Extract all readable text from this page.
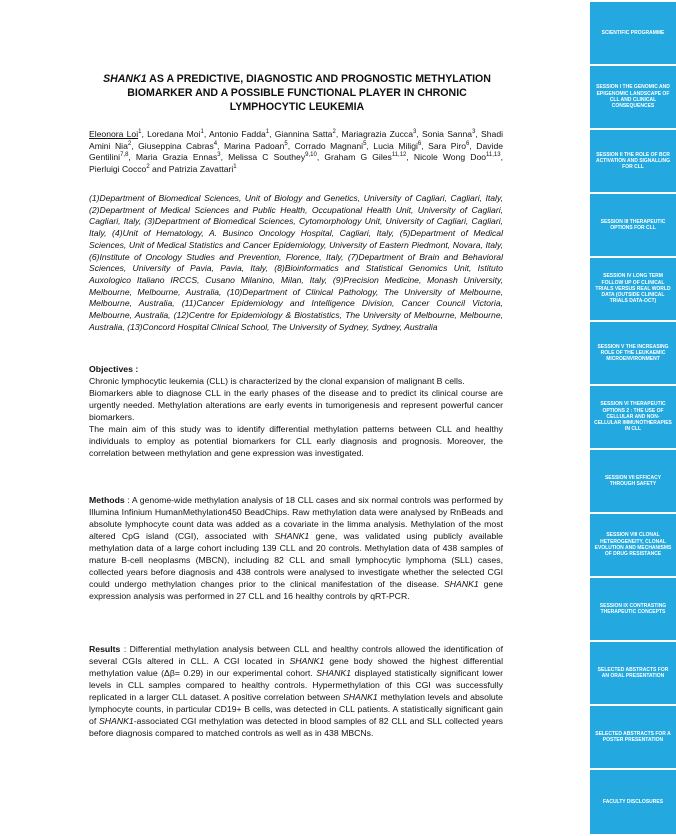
SHANK1 AS A PREDICTIVE, DIAGNOSTIC AND PROGNOSTIC METHYLATION BIOMARKER AND A POSSIBLE FUNCTIONAL PLAYER IN CHRONIC LYMPHOCYTIC LEUKEMIA
Eleonora Loi$^1$, Loredana Moi$^1$, Antonio Fadda$^1$, Giannina Satta$^2$, Mariagrazia Zucca$^3$, Sonia Sanna$^3$, Shadi Amini Nia$^2$, Giuseppina Cabras$^4$, Marina Padoan$^5$, Corrado Magnani$^5$, Lucia Miligi$^6$, Sara Piro$^6$, Davide Gentilini$^{7,8}$, Maria Grazia Ennas$^3$, Melissa C Southey$^{9,10}$, Graham G Giles$^{11,12}$, Nicole Wong Doo$^{11,13}$, Pierluigi Cocco$^2$ and Patrizia Zavattari$^1$
(1)Department of Biomedical Sciences, Unit of Biology and Genetics, University of Cagliari, Cagliari, Italy, (2)Department of Medical Sciences and Public Health, Occupational Health Unit, University of Cagliari, Cagliari, Italy, (3)Department of Biomedical Sciences, Cytomorphology Unit, University of Cagliari, Cagliari, Italy, (4)Unit of Hematology, A. Businco Oncology Hospital, Cagliari, Italy, (5)Department of Medical Sciences, Unit of Medical Statistics and Cancer Epidemiology, University of Eastern Piedmont, Novara, Italy, (6)Institute of Oncology Studies and Prevention, Florence, Italy, (7)Department of Brain and Behavioral Sciences, University of Pavia, Pavia, Italy, (8)Bioinformatics and Statistical Genomics Unit, Istituto Auxologico Italiano IRCCS, Cusano Milanino, Milan, Italy, (9)Precision Medicine, Monash University, Melbourne, Melbourne, Australia, (10)Department of Clinical Pathology, The University of Melbourne, Melbourne, Australia, (11)Cancer Epidemiology and Intelligence Division, Cancer Council Victoria, Melbourne, Australia, (12)Centre for Epidemiology & Biostatistics, The University of Melbourne, Melbourne, Australia, (13)Concord Hospital Clinical School, The University of Sydney, Sydney, Australia
Objectives :
Chronic lymphocytic leukemia (CLL) is characterized by the clonal expansion of malignant B cells.
Biomarkers able to diagnose CLL in the early phases of the disease and to predict its clinical course are urgently needed. Methylation alterations are early events in tumorigenesis and represent powerful cancer biomarkers.
The main aim of this study was to identify differential methylation patterns between CLL and healthy individuals to employ as potential biomarkers for CLL early diagnosis and prognosis. Moreover, the correlation between methylation and gene expression was investigated.
Methods : A genome-wide methylation analysis of 18 CLL cases and six normal controls was performed by Illumina Infinium HumanMethylation450 BeadChips. Raw methylation data were analysed by RnBeads and absolute lymphocyte count data was added as a covariate in the limma analysis. Methylation of the most altered CpG island (CGI), associated with SHANK1 gene, was validated using publicly available methylation data of a large cohort including 139 CLL and 20 controls. Methylation data of 438 samples of mature B-cell neoplasms (MBCN), including 82 CLL and small lymphocytic lymphoma (SLL) cases, collected years before diagnosis and 438 controls were analysed to investigate whether the selected CGI could undergo methylation changes prior to the clinical manifestation of the disease. SHANK1 gene expression analysis was performed in 27 CLL and 16 healthy controls by qRT-PCR.
Results : Differential methylation analysis between CLL and healthy controls allowed the identification of several CGIs altered in CLL. A CGI located in SHANK1 gene body showed the highest differential methylation value (Δβ= 0.29) in our experimental cohort. SHANK1 displayed statistically significant lower levels in CLL samples compared to healthy controls. Hypermethylation of this CGI was successfully replicated in a larger CLL dataset. A positive correlation between SHANK1 methylation levels and absolute lymphocyte counts, in particular CD19+ B cells, was detected in CLL patients. A statistically significant gain of SHANK1-associated CGI methylation was detected in blood samples of 82 CLL and SLL collected years before diagnosis compared to matched controls as well as in 438 MBCNs.
SCIENTIFIC PROGRAMME
SESSION I THE GENOMIC AND EPIGENOMIC LANDSCAPE OF CLL AND CLINICAL CONSEQUENCES
SESSION II THE ROLE OF BCR ACTIVATION AND SIGNALLING FOR CLL
SESSION III THERAPEUTIC OPTIONS FOR CLL
SESSION IV LONG TERM FOLLOW UP OF CLINICAL TRIALS VERSUS REAL WORLD DATA (OUTSIDE CLINICAL TRIALS DATA-OCT)
SESSION V THE INCREASING ROLE OF THE LEUKAEMIC MICROENVIRONMENT
SESSION VI THERAPEUTIC OPTIONS 2 : THE USE OF CELLULAR AND NON-CELLULAR IMMUNOTHERAPIES IN CLL
SESSION VII EFFICACY THROUGH SAFETY
SESSION VIII CLONAL HETEROGENEITY, CLONAL EVOLUTION AND MECHANISMS OF DRUG RESISTANCE
SESSION IX CONTRASTING THERAPEUTIC CONCEPTS
SELECTED ABSTRACTS FOR AN ORAL PRESENTATION
SELECTED ABSTRACTS FOR A POSTER PRESENTATION
FACULTY DISCLOSURES
